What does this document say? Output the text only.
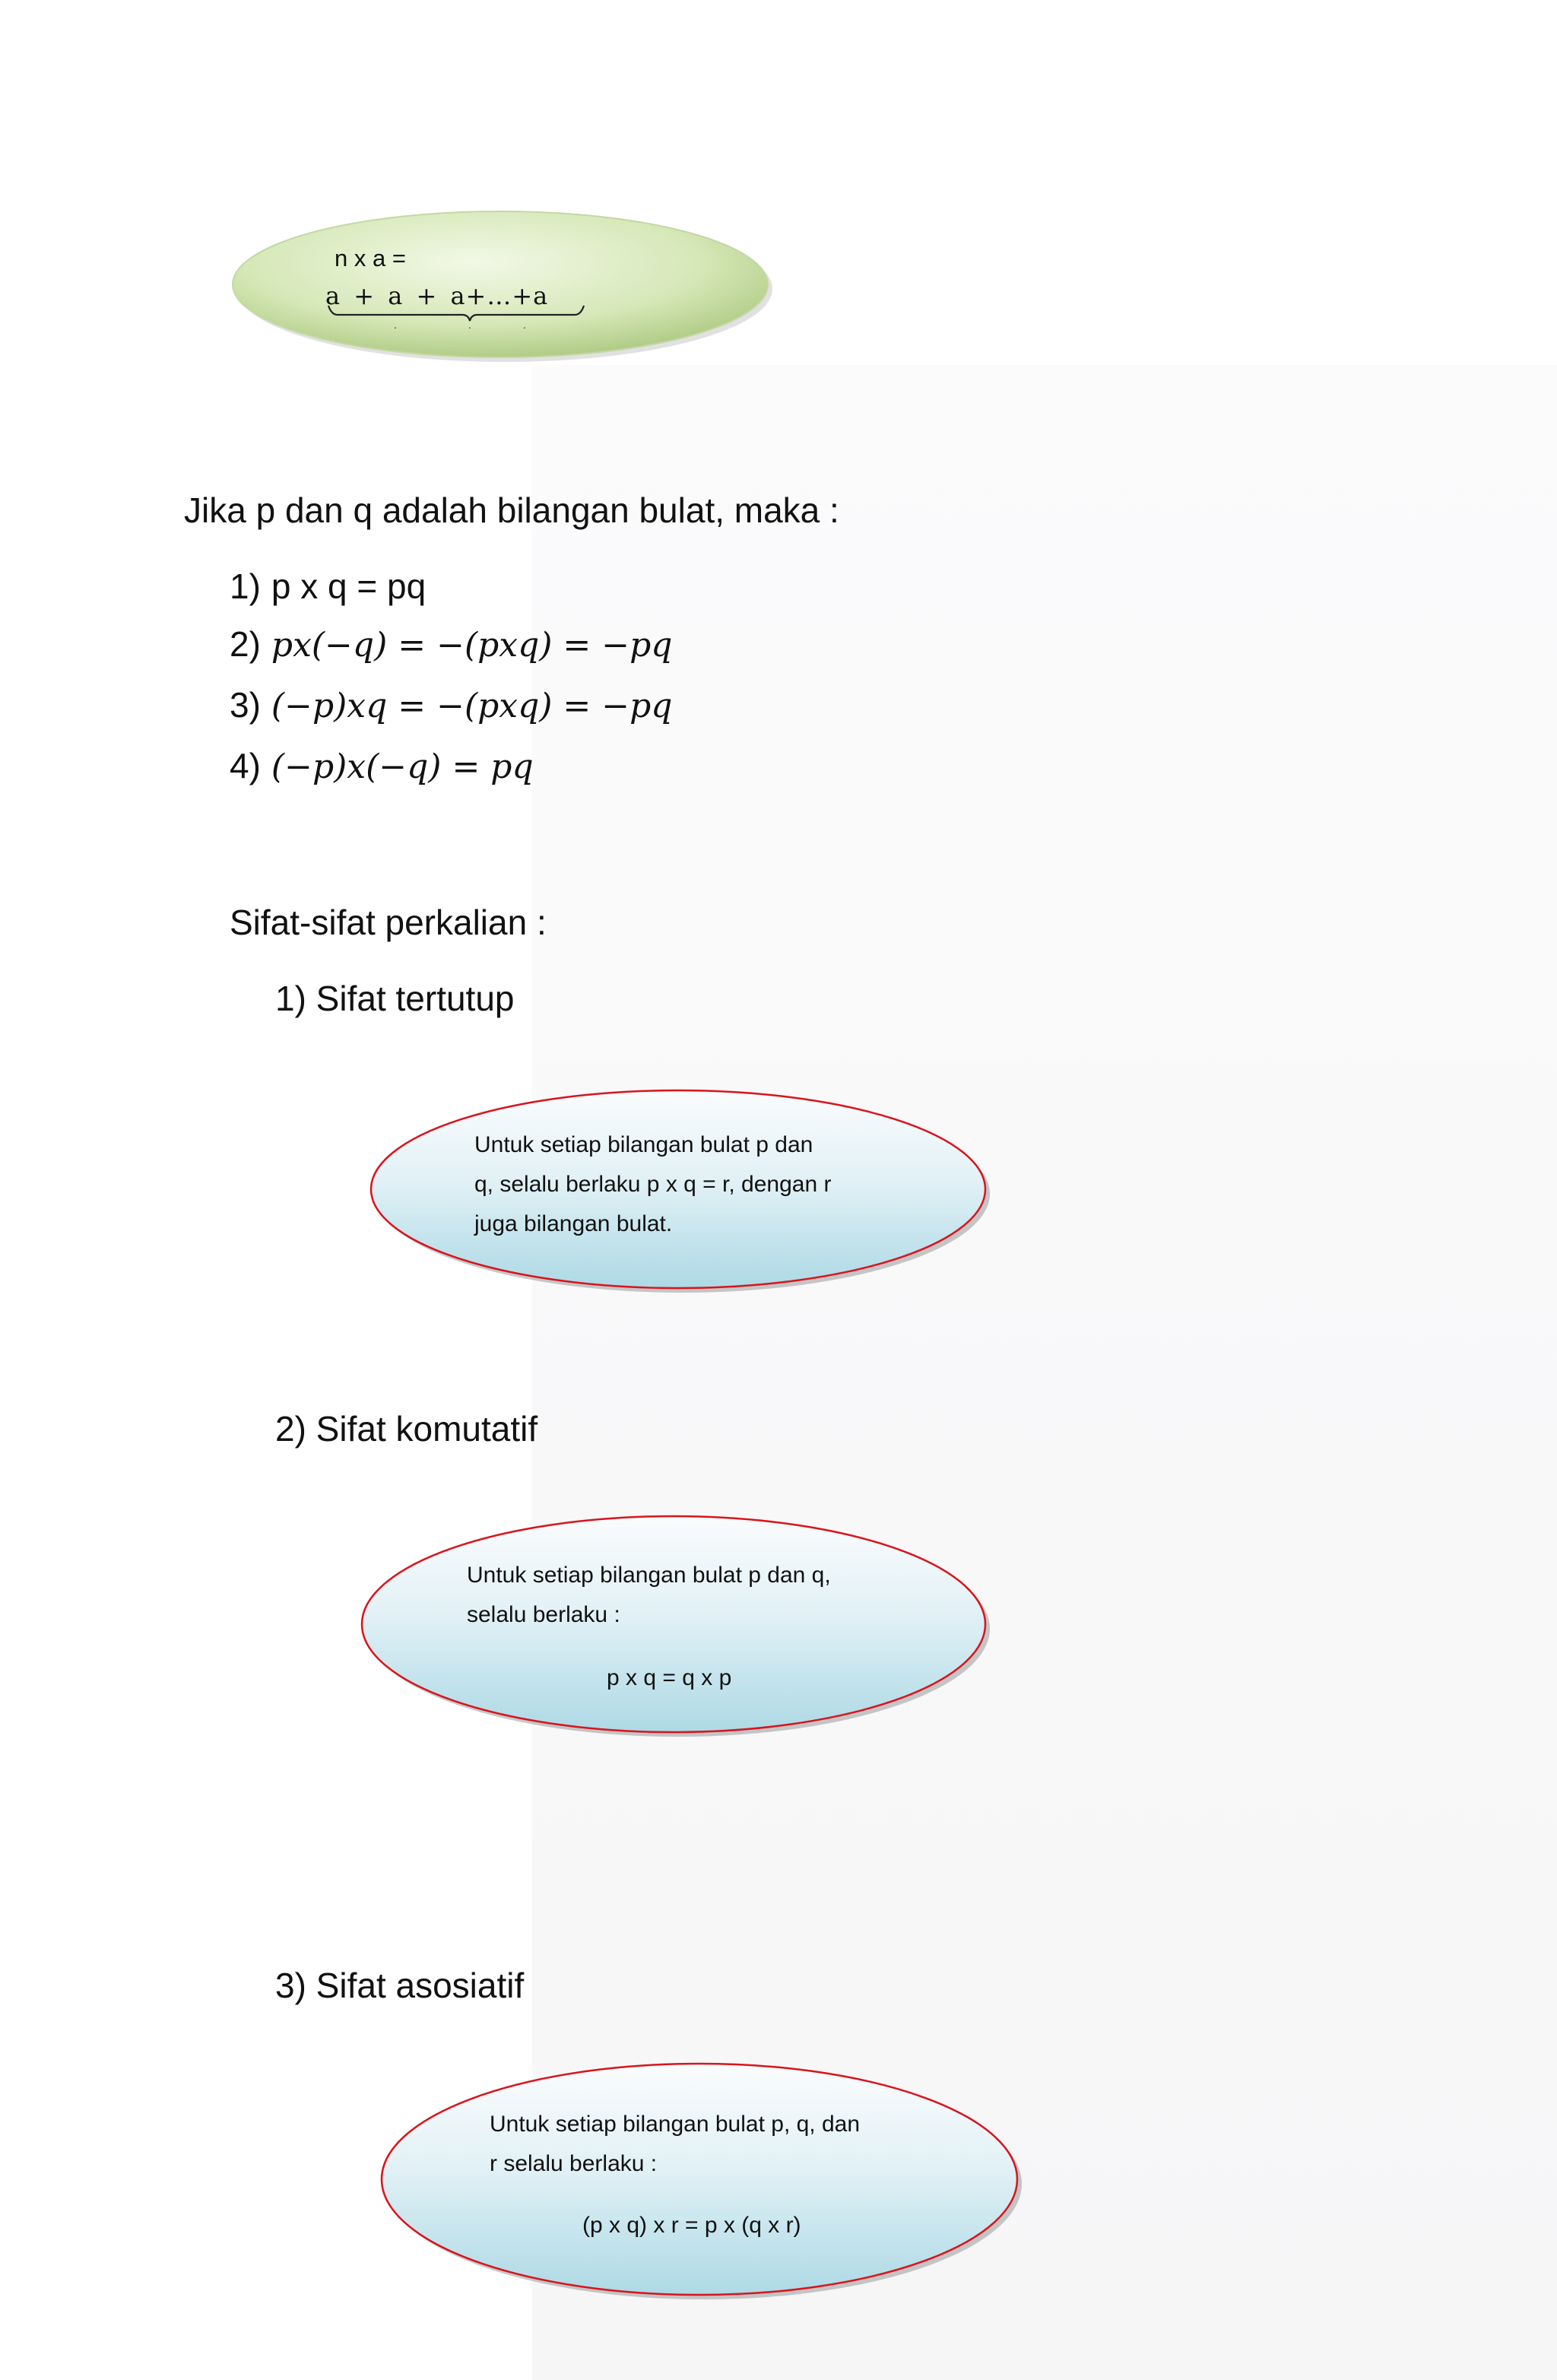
.	.	.
n x a =
a + a + a+…+a
Jika p dan q adalah bilangan bulat, maka :
1) p x q = pq
2) px(−q) = −(pxq) = −pq
3) (−p)xq = −(pxq) = −pq
4) (−p)x(−q) = pq
Sifat-sifat perkalian :
1) Sifat tertutup
Untuk setiap bilangan bulat p dan
q, selalu berlaku p x q = r, dengan r
juga bilangan bulat.
2) Sifat komutatif
Untuk setiap bilangan bulat p dan q,
selalu berlaku :
p x q = q x p
3) Sifat asosiatif
Untuk setiap bilangan bulat p, q, dan
r selalu berlaku :
(p x q) x r = p x (q x r)
